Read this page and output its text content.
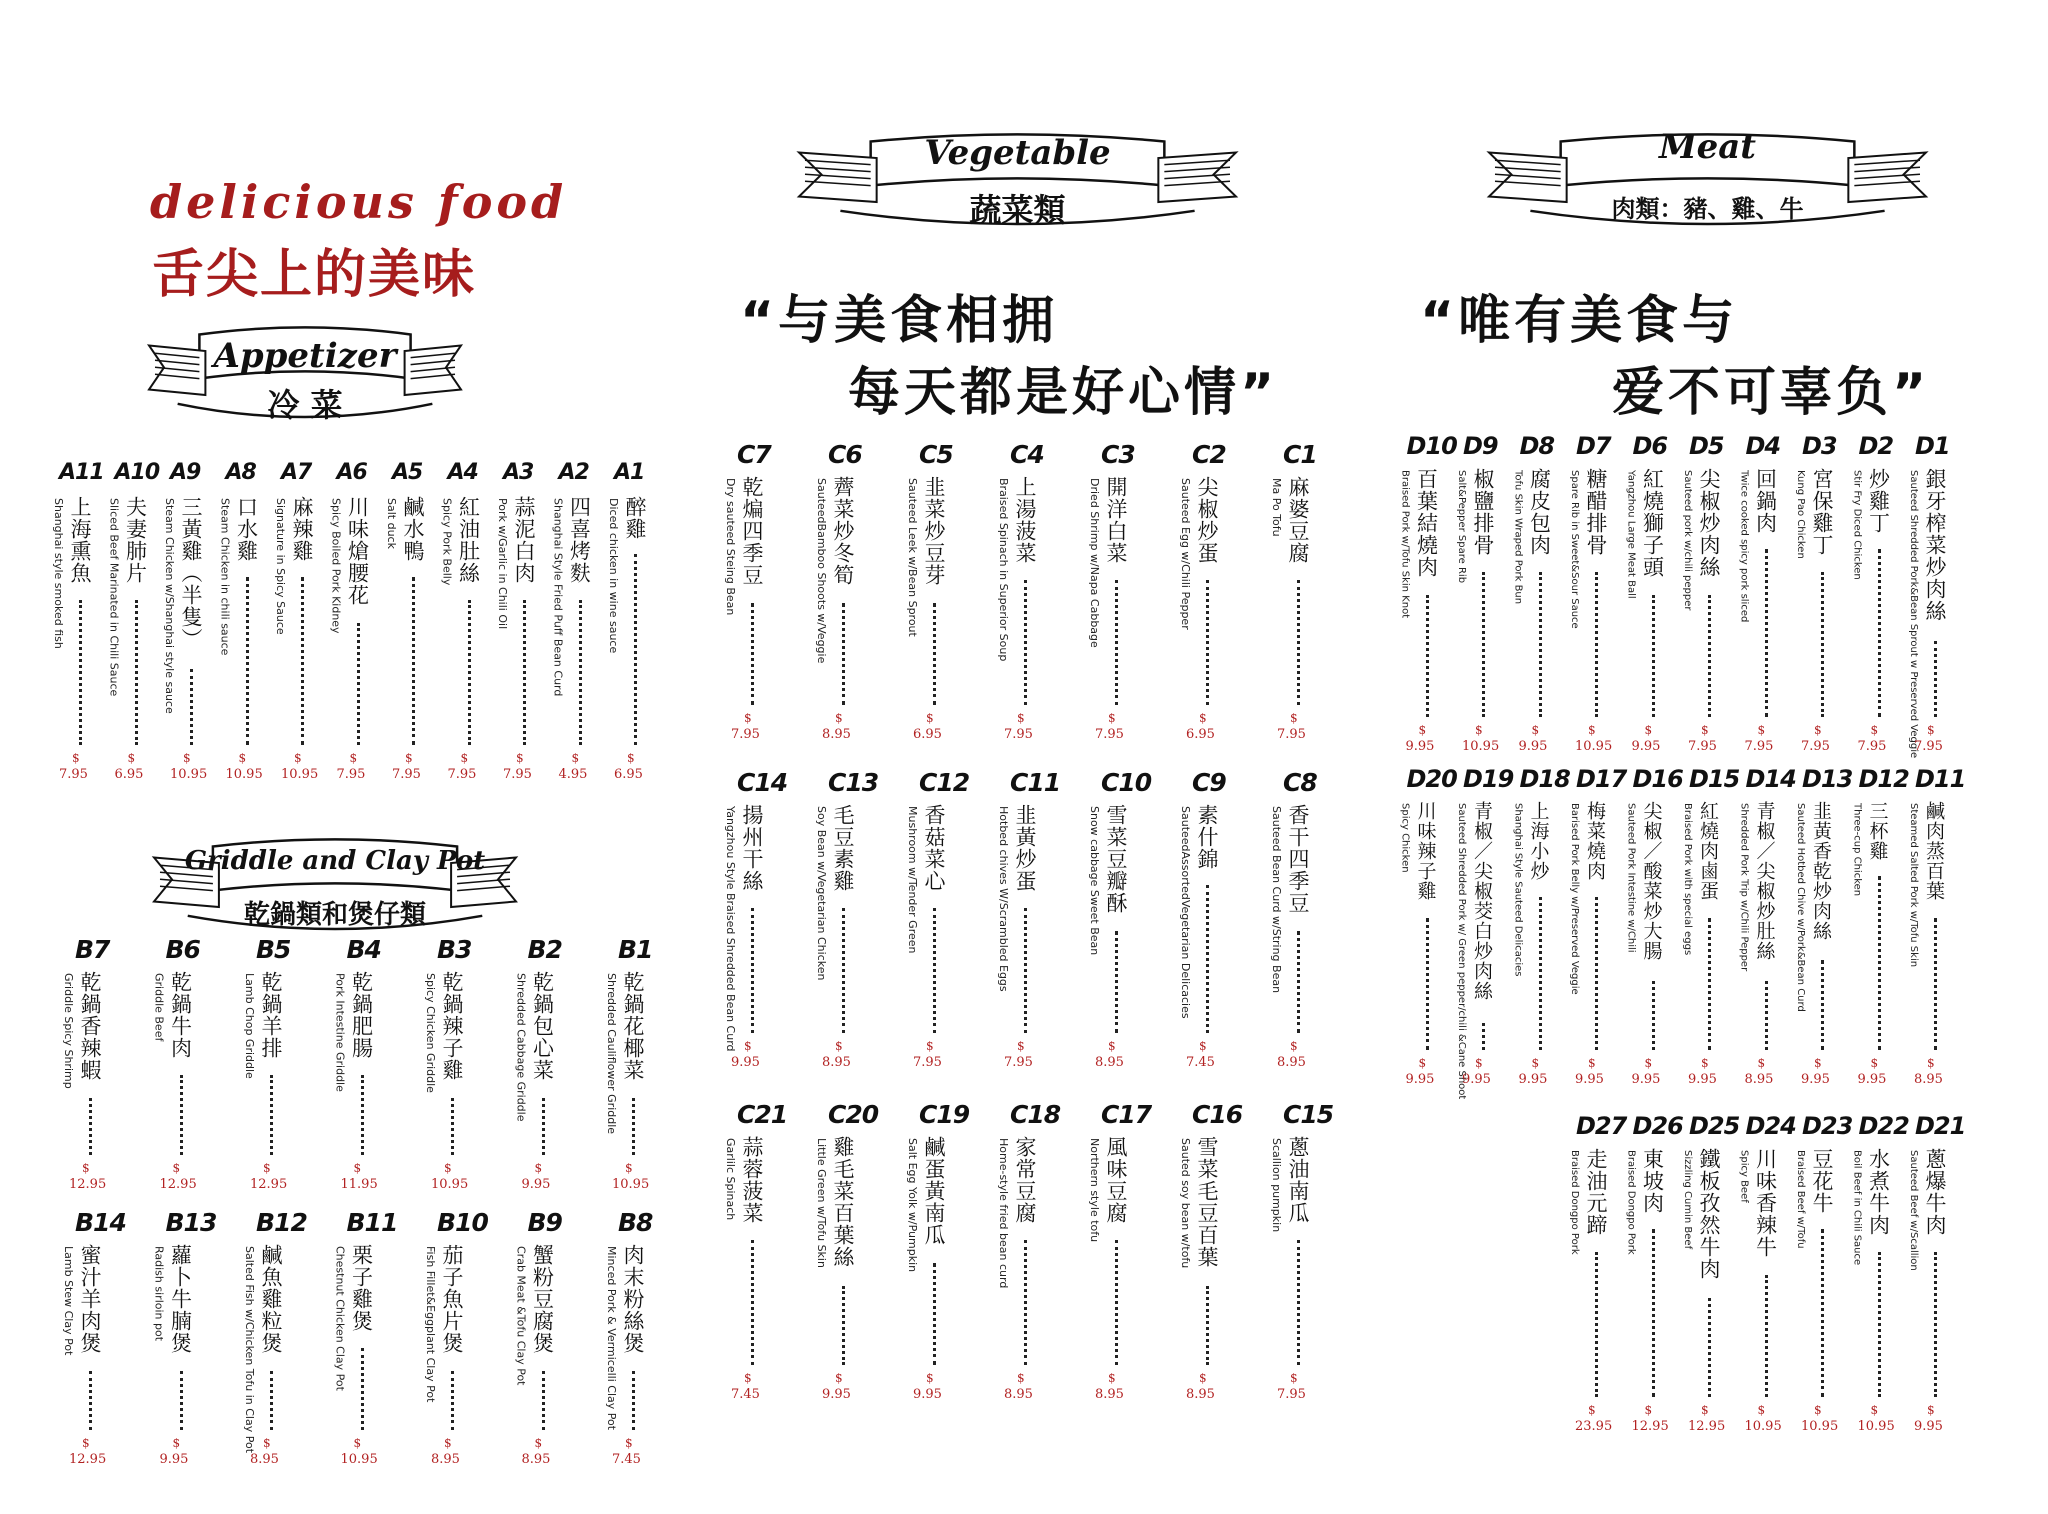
delicious food
舌尖上的美味
Appetizer
冷 菜
Griddle and Clay Pot
乾鍋類和煲仔類
Vegetable
蔬菜類
Meat
肉類：豬、雞、牛
“与美食相拥
每天都是好心情”
“唯有美食与
爱不可辜负”
A1
醉雞
Diced chicken in wine sauce
$
6.95
A2
四喜烤麩
Shanghai Style Fried Puff Bean Curd
$
4.95
A3
蒜泥白肉
Pork w/Garlic in Chili Oil
$
7.95
A4
紅油肚絲
Spicy Pork Belly
$
7.95
A5
鹹水鴨
Salt duck
$
7.95
A6
川味熗腰花
Spicy Boiled Pork Kidney
$
7.95
A7
麻辣雞
Signature in Spicy Sauce
$
10.95
A8
口水雞
Steam Chicken in chili sauce
$
10.95
A9
三黃雞（半隻）
Steam Chicken w/Shanghai style sauce
$
10.95
A10
夫妻肺片
Sliced Beef Marinated in Chili Sauce
$
6.95
A11
上海熏魚
Shanghai style smoked fish
$
7.95
B1
乾鍋花椰菜
Shredded Cauliflower Griddle
$
10.95
B2
乾鍋包心菜
Shredded Cabbage Griddle
$
9.95
B3
乾鍋辣子雞
Spicy Chicken Griddle
$
10.95
B4
乾鍋肥腸
Pork Intestine Griddle
$
11.95
B5
乾鍋羊排
Lamb Chop Griddle
$
12.95
B6
乾鍋牛肉
Griddle Beef
$
12.95
B7
乾鍋香辣蝦
Griddle Spicy Shrimp
$
12.95
B8
肉末粉絲煲
Minced Pork & Vermicelli Clay Pot
$
7.45
B9
蟹粉豆腐煲
Crab Meat &Tofu Clay Pot
$
8.95
B10
茄子魚片煲
Fish Fillet&Eggplant Clay Pot
$
8.95
B11
栗子雞煲
Chestnut Chicken Clay Pot
$
10.95
B12
鹹魚雞粒煲
Salted Fish w/Chicken Tofu in Clay Pot $
8.95
B13
蘿卜牛腩煲
Radish sirloin pot
$
9.95
B14
蜜汁羊肉煲
Lamb Stew Clay Pot
$
12.95
C1
麻婆豆腐
Ma Po Tofu
$
7.95
C2
尖椒炒蛋
Sauteed Egg w/Chili Pepper
$
6.95
C3
開洋白菜
Dried Shrimp w/Napa Cabbage
$
7.95
C4
上湯菠菜
Braised Spinach in Superior Soup
$
7.95
C5
韭菜炒豆芽
Sauteed Leek w/Bean Sprout
$
6.95
C6
薺菜炒冬筍
SauteedBamboo Shoots w/Veggie
$
8.95
C7
乾煸四季豆
Dry sauteed Steing Bean
$
7.95
C8
香干四季豆
Sauteed Bean Curd w/String Bean
$
8.95
C9
素什錦
SauteedAssortedVegetarian Delicacies
$
7.45
C10
雪菜豆瓣酥
Snow cabbage Sweet Bean
$
8.95
C11
韭黃炒蛋
Hotbed chives W/Scrambled Eggs
$
7.95
C12
香菇菜心
Mushroom w/Tender Green
$
7.95
C13
毛豆素雞
Soy Bean w/Vegetarian Chicken
$
8.95
C14
揚州干絲
Yangzhou Style Braised Shredded Bean Curd $
9.95
C15
蔥油南瓜
Scallion pumpkin
$
7.95
C16
雪菜毛豆百葉
Sauted soy bean w/tofu
$
8.95
C17
風味豆腐
Northern style tofu
$
8.95
C18
家常豆腐
Home-style fried bean curd
$
8.95
C19
鹹蛋黃南瓜
Salt Egg Yolk w/Pumpkin
$
9.95
C20
雞毛菜百葉絲
Little Green w/Tofu Skin
$
9.95
C21
蒜蓉菠菜
Garlilc Spinach
$
7.45
D1
銀牙榨菜炒肉絲
Sauteed Shredded Pork&Bean Sprout w Preserved Veggie $
7.95
D2
炒雞丁
Stir Fry Diced Chicken
$
7.95
D3
宮保雞丁
Kung Pao Chicken
$
7.95
D4
回鍋肉
Twice cooked spicy pork sliced
$
7.95
D5
尖椒炒肉絲
Sauteed pork w/chili pepper
$
7.95
D6
紅燒獅子頭
Yangzhou Large Meat Ball
$
9.95
D7
糖醋排骨
Spare Rib in Sweet&Sour Sauce
$
10.95
D8
腐皮包肉
Tofu Skin Wraped Pork Bun
$
9.95
D9
椒鹽排骨
Salt&Pepper Spare Rib
$
10.95
D10
百葉結燒肉
Braised Pork w/Tofu Skin Knot
$
9.95
D11
鹹肉蒸百葉
Steamed Salted Pork w/Tofu Skin
$
8.95
D12
三杯雞
Three-cup Chicken
$
9.95
D13
韭黃香乾炒肉絲
Sauteed Hotbed Chive w/Pork&Bean Curd
$
9.95
D14
青椒／尖椒炒肚絲
Shredded Pork Trip w/Chili Pepper
$
8.95
D15
紅燒肉鹵蛋
Braised Pork with special eggs
$
9.95
D16
尖椒／酸菜炒大腸
Sauteed Pork Intestine w/Chili
$
9.95
D17
梅菜燒肉
Barised Pork Belly w/Preserved Veggie
$
9.95
D18
上海小炒
Shanghai Style Sauteed Delicacies
$
9.95
D19
青椒／尖椒茭白炒肉絲
Sauteed Shredded Pork w/ Green pepper/chili &Cane Shoot $
9.95
D20
川味辣子雞
Spicy Chicken
$
9.95
D21
蔥爆牛肉
Sauteed Beef w/Scallion
$
9.95
D22
水煮牛肉
Boil Beef in Chili Sauce
$
10.95
D23
豆花牛
Braised Beef w/Tofu
$
10.95
D24
川味香辣牛
Spicy Beef
$
10.95
D25
鐵板孜然牛肉
Sizzling Cumin Beef
$
12.95
D26
東坡肉
Braised Dongpo Pork
$
12.95
D27
走油元蹄
Braised Dongpo Pork
$
23.95
